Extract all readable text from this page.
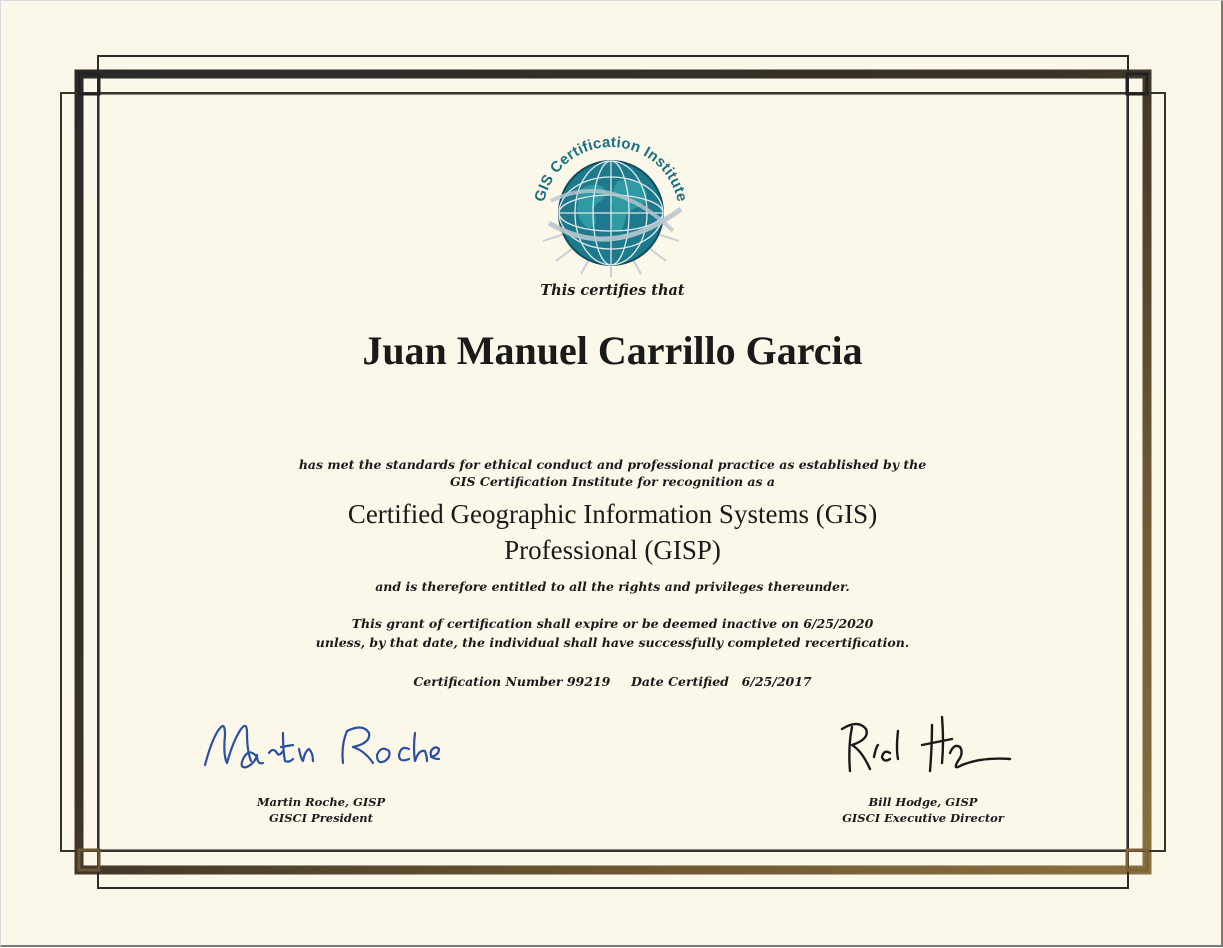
GIS Certification Institute
This certifies that
Juan Manuel Carrillo Garcia
has met the standards for ethical conduct and professional practice as established by the
GIS Certification Institute for recognition as a
Certified Geographic Information Systems (GIS)
Professional (GISP)
and is therefore entitled to all the rights and privileges thereunder.
This grant of certification shall expire or be deemed inactive on 6/25/2020
unless, by that date, the individual shall have successfully completed recertification.
Certification Number 99219 Date Certified 6/25/2017
Martin Roche, GISP
GISCI President
Bill Hodge, GISP
GISCI Executive Director
